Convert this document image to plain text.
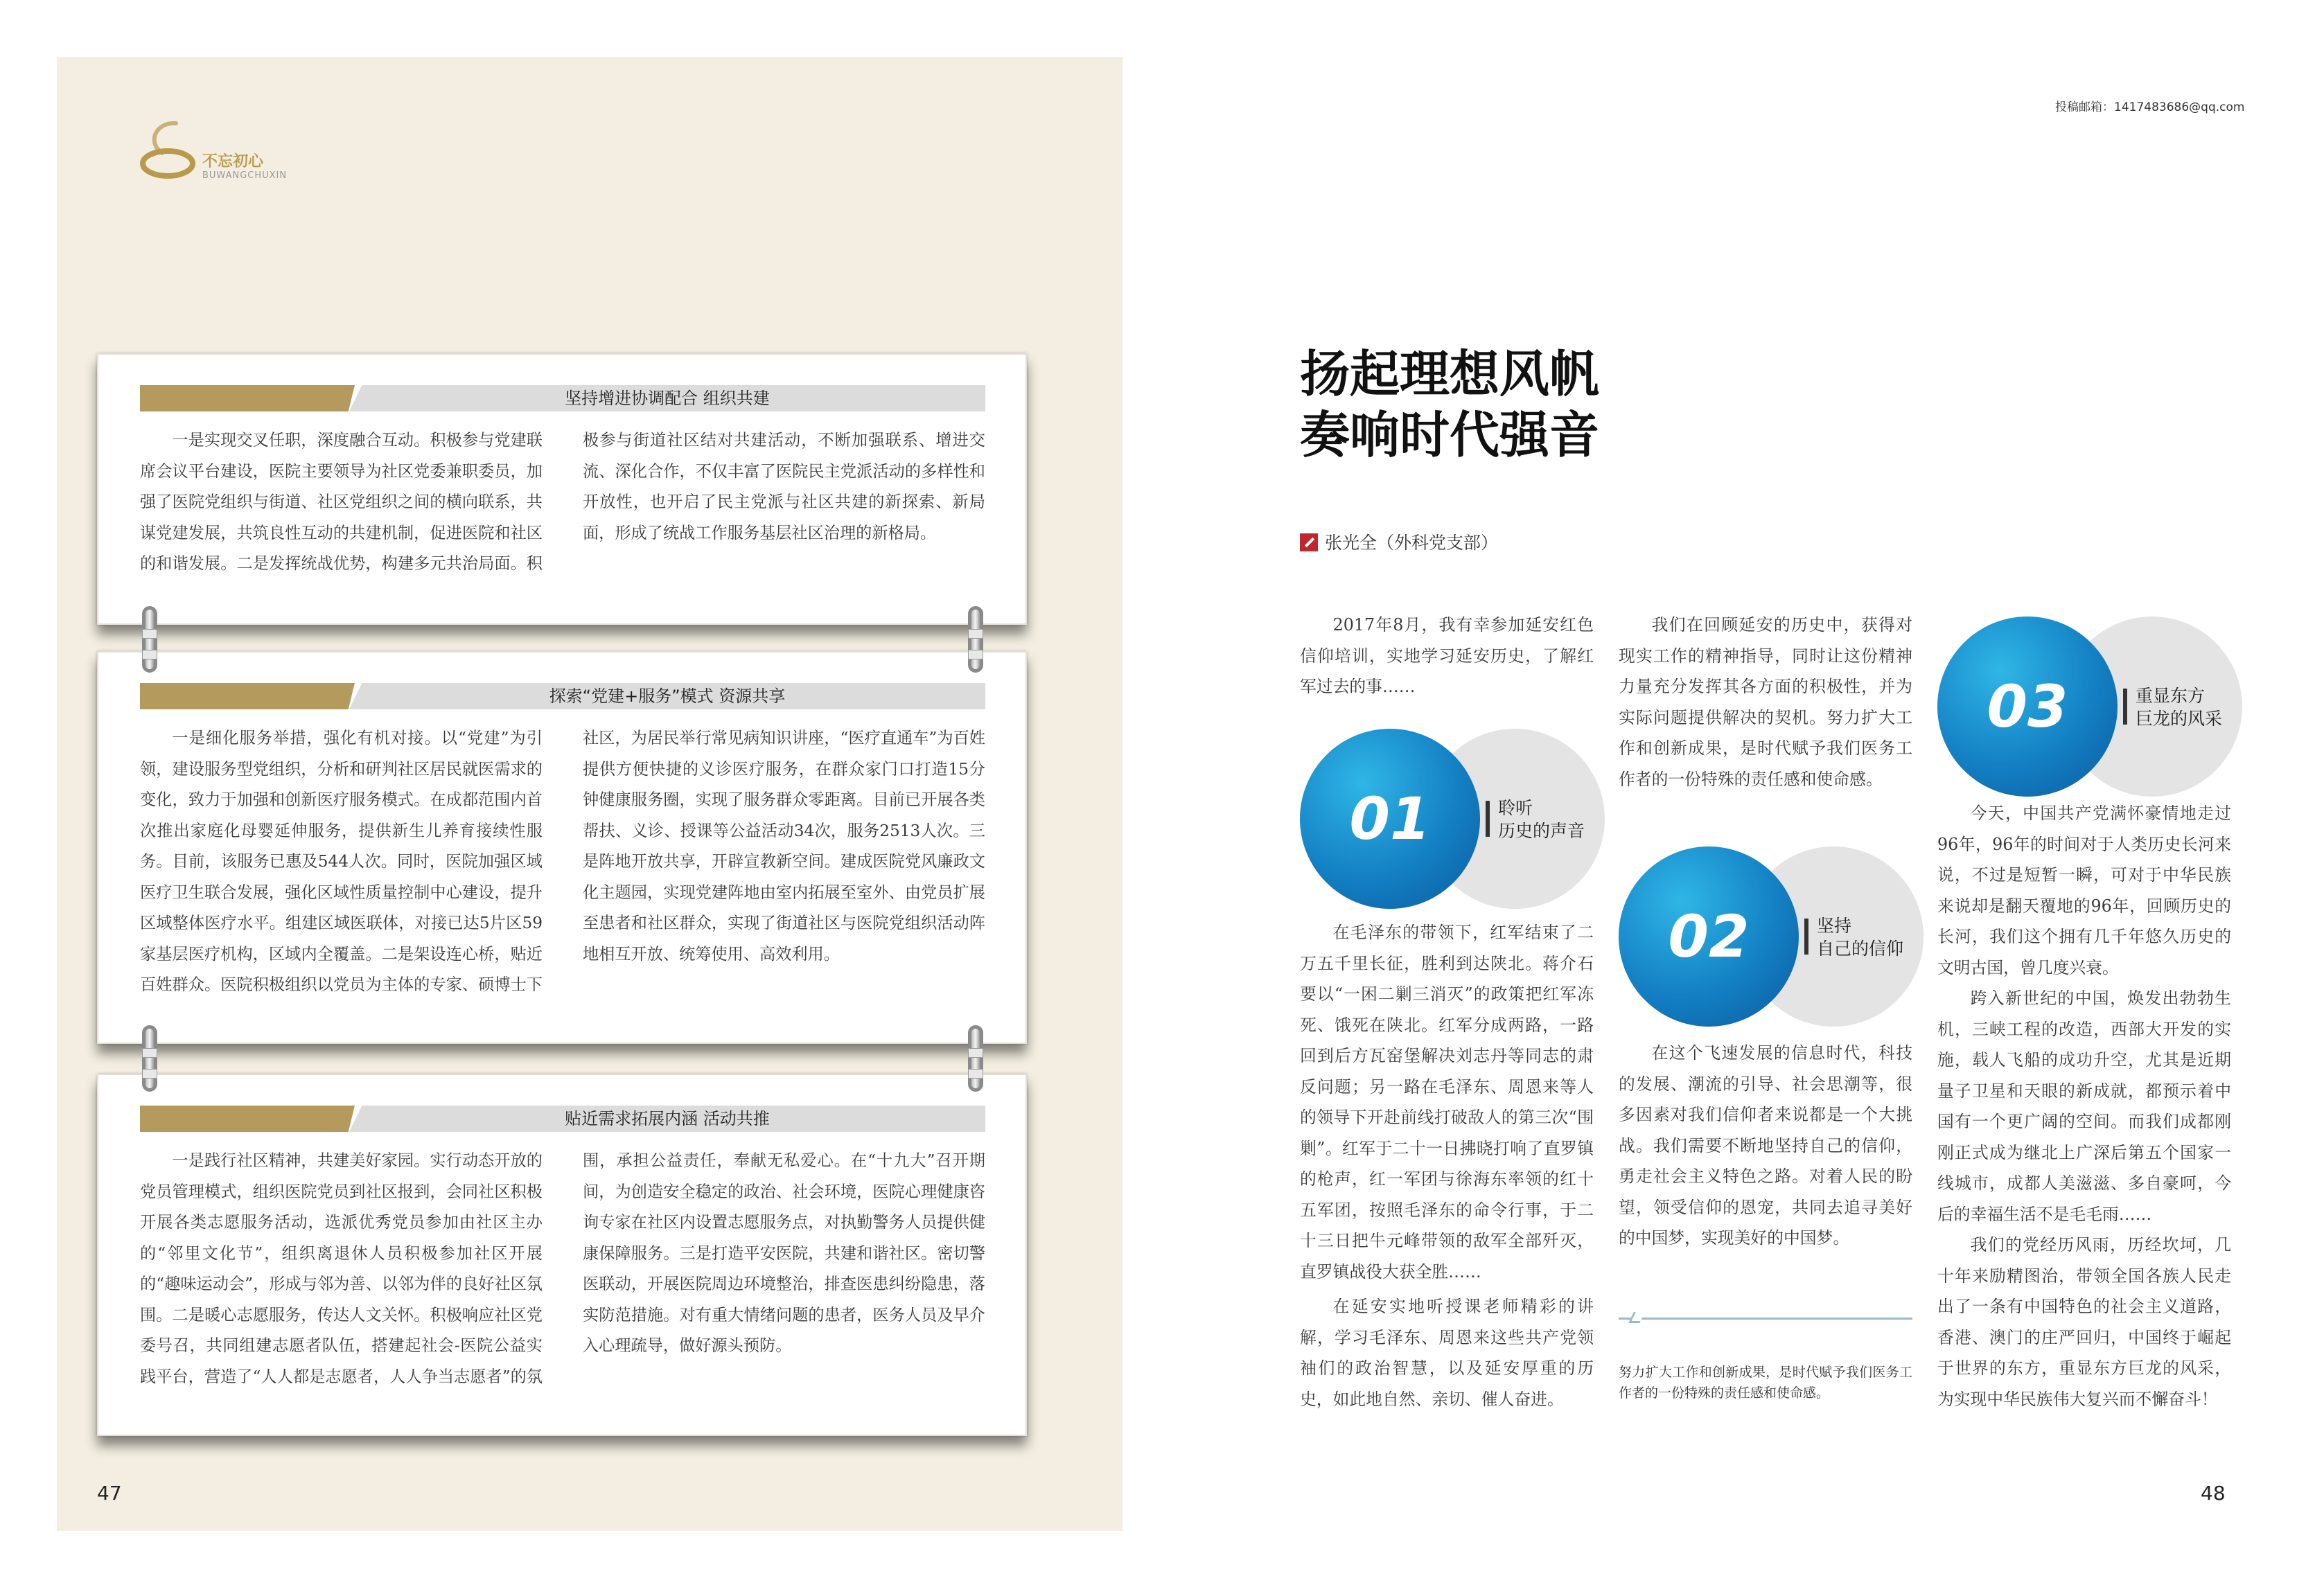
不忘初心
BUWANGCHUXIN
坚持增进协调配合 组织共建
一是实现交叉任职，深度融合互动。积极参与党建联席会议平台建设，医院主要领导为社区党委兼职委员，加强了医院党组织与街道、社区党组织之间的横向联系，共谋党建发展，共筑良性互动的共建机制，促进医院和社区的和谐发展。二是发挥统战优势，构建多元共治局面。积极参与街道社区结对共建活动，不断加强联系、增进交流、深化合作，不仅丰富了医院民主党派活动的多样性和开放性，也开启了民主党派与社区共建的新探索、新局面，形成了统战工作服务基层社区治理的新格局。
探索“党建+服务”模式 资源共享
一是细化服务举措，强化有机对接。以“党建”为引领，建设服务型党组织，分析和研判社区居民就医需求的变化，致力于加强和创新医疗服务模式。在成都范围内首次推出家庭化母婴延伸服务，提供新生儿养育接续性服务。目前，该服务已惠及544人次。同时，医院加强区域医疗卫生联合发展，强化区域性质量控制中心建设，提升区域整体医疗水平。组建区域医联体，对接已达5片区59家基层医疗机构，区域内全覆盖。二是架设连心桥，贴近百姓群众。医院积极组织以党员为主体的专家、硕博士下社区，为居民举行常见病知识讲座，“医疗直通车”为百姓提供方便快捷的义诊医疗服务，在群众家门口打造15分钟健康服务圈，实现了服务群众零距离。目前已开展各类帮扶、义诊、授课等公益活动34次，服务2513人次。三是阵地开放共享，开辟宣教新空间。建成医院党风廉政文化主题园，实现党建阵地由室内拓展至室外、由党员扩展至患者和社区群众，实现了街道社区与医院党组织活动阵地相互开放、统筹使用、高效利用。
贴近需求拓展内涵 活动共推
一是践行社区精神，共建美好家园。实行动态开放的党员管理模式，组织医院党员到社区报到，会同社区积极开展各类志愿服务活动，选派优秀党员参加由社区主办的“邻里文化节”，组织离退休人员积极参加社区开展的“趣味运动会”，形成与邻为善、以邻为伴的良好社区氛围。二是暖心志愿服务，传达人文关怀。积极响应社区党委号召，共同组建志愿者队伍，搭建起社会-医院公益实践平台，营造了“人人都是志愿者，人人争当志愿者”的氛围，承担公益责任，奉献无私爱心。在“十九大”召开期间，为创造安全稳定的政治、社会环境，医院心理健康咨询专家在社区内设置志愿服务点，对执勤警务人员提供健康保障服务。三是打造平安医院，共建和谐社区。密切警医联动，开展医院周边环境整治，排查医患纠纷隐患，落实防范措施。对有重大情绪问题的患者，医务人员及早介入心理疏导，做好源头预防。
47
投稿邮箱：1417483686@qq.com
扬起理想风帆
奏响时代强音
张光全（外科党支部）

2017年8月，我有幸参加延安红色信仰培训，实地学习延安历史，了解红军过去的事……

01	聆听
历史的声音

在毛泽东的带领下，红军结束了二万五千里长征，胜利到达陕北。蒋介石要以“一困二剿三消灭”的政策把红军冻死、饿死在陕北。红军分成两路，一路回到后方瓦窑堡解决刘志丹等同志的肃反问题；另一路在毛泽东、周恩来等人的领导下开赴前线打破敌人的第三次“围剿”。红军于二十一日拂晓打响了直罗镇的枪声，红一军团与徐海东率领的红十五军团，按照毛泽东的命令行事，于二十三日把牛元峰带领的敌军全部歼灭，直罗镇战役大获全胜……

在延安实地听授课老师精彩的讲解，学习毛泽东、周恩来这些共产党领袖们的政治智慧，以及延安厚重的历史，如此地自然、亲切、催人奋进。

我们在回顾延安的历史中，获得对现实工作的精神指导，同时让这份精神力量充分发挥其各方面的积极性，并为实际问题提供解决的契机。努力扩大工作和创新成果，是时代赋予我们医务工作者的一份特殊的责任感和使命感。

02	坚持
自己的信仰

在这个飞速发展的信息时代，科技的发展、潮流的引导、社会思潮等，很多因素对我们信仰者来说都是一个大挑战。我们需要不断地坚持自己的信仰，勇走社会主义特色之路。对着人民的盼望，领受信仰的恩宠，共同去追寻美好的中国梦，实现美好的中国梦。

努力扩大工作和创新成果，是时代赋予我们医务工作者的一份特殊的责任感和使命感。
03	重显东方
巨龙的风采

今天，中国共产党满怀豪情地走过96年，96年的时间对于人类历史长河来说，不过是短暂一瞬，可对于中华民族来说却是翻天覆地的96年，回顾历史的长河，我们这个拥有几千年悠久历史的文明古国，曾几度兴衰。

跨入新世纪的中国，焕发出勃勃生机，三峡工程的改造，西部大开发的实施，载人飞船的成功升空，尤其是近期量子卫星和天眼的新成就，都预示着中国有一个更广阔的空间。而我们成都刚刚正式成为继北上广深后第五个国家一线城市，成都人美滋滋、多自豪呵，今后的幸福生活不是毛毛雨……

我们的党经历风雨，历经坎坷，几十年来励精图治，带领全国各族人民走出了一条有中国特色的社会主义道路，香港、澳门的庄严回归，中国终于崛起于世界的东方，重显东方巨龙的风采，为实现中华民族伟大复兴而不懈奋斗！

48
